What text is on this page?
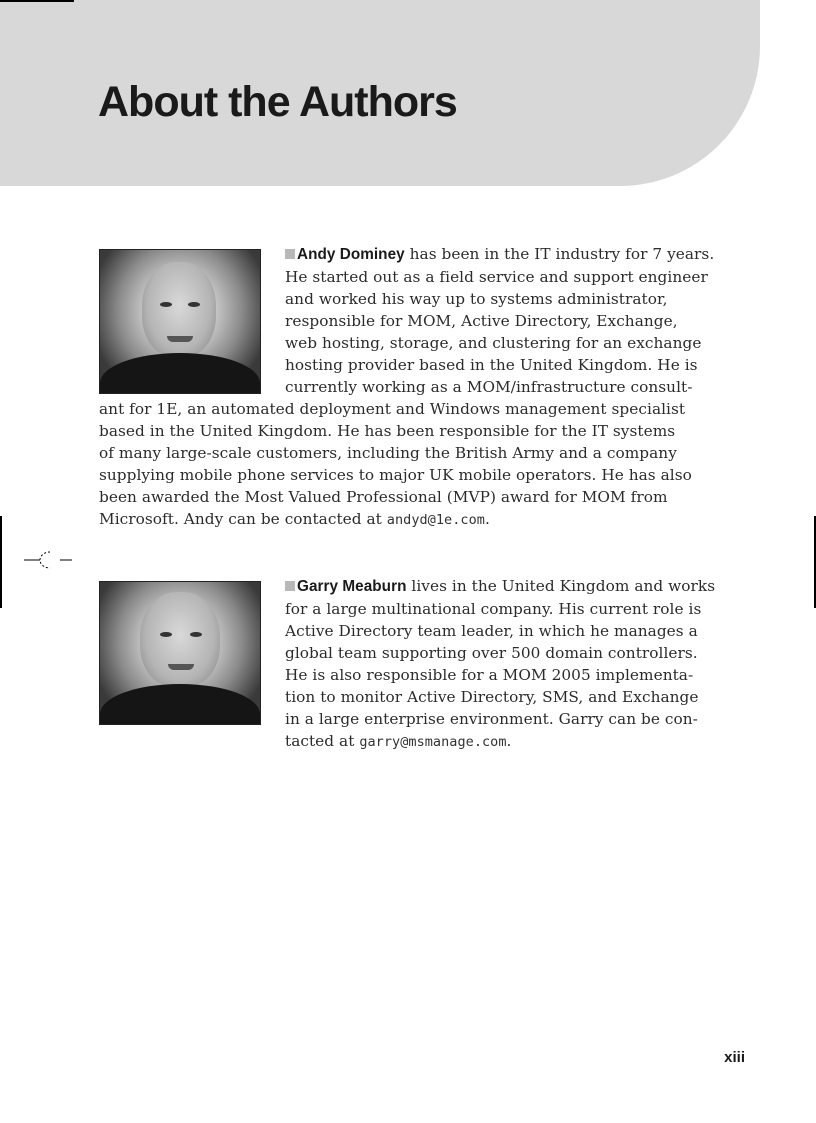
About the Authors
Andy Dominey has been in the IT industry for 7 years.
He started out as a field service and support engineer
and worked his way up to systems administrator,
responsible for MOM, Active Directory, Exchange,
web hosting, storage, and clustering for an exchange
hosting provider based in the United Kingdom. He is
currently working as a MOM/infrastructure consult-
ant for 1E, an automated deployment and Windows management specialist
based in the United Kingdom. He has been responsible for the IT systems
of many large-scale customers, including the British Army and a company
supplying mobile phone services to major UK mobile operators. He has also
been awarded the Most Valued Professional (MVP) award for MOM from
Microsoft. Andy can be contacted at andyd@1e.com.
Garry Meaburn lives in the United Kingdom and works
for a large multinational company. His current role is
Active Directory team leader, in which he manages a
global team supporting over 500 domain controllers.
He is also responsible for a MOM 2005 implementa-
tion to monitor Active Directory, SMS, and Exchange
in a large enterprise environment. Garry can be con-
tacted at garry@msmanage.com.
xiii
